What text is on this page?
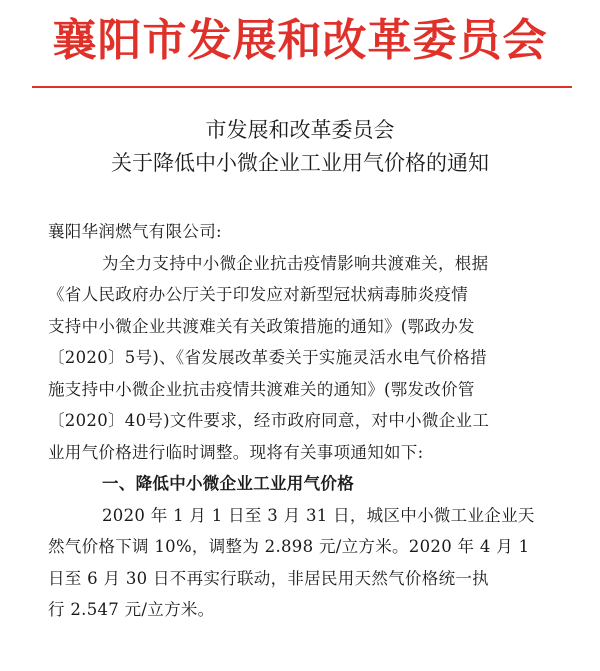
襄阳市发展和改革委员会
市发展和改革委员会
关于降低中小微企业工业用气价格的通知
襄阳华润燃气有限公司:
为全力支持中小微企业抗击疫情影响共渡难关，根据
《省人民政府办公厅关于印发应对新型冠状病毒肺炎疫情
支持中小微企业共渡难关有关政策措施的通知》(鄂政办发
〔2020〕5号)、《省发展改革委关于实施灵活水电气价格措
施支持中小微企业抗击疫情共渡难关的通知》(鄂发改价管
〔2020〕40号)文件要求，经市政府同意，对中小微企业工
业用气价格进行临时调整。现将有关事项通知如下:
一、降低中小微企业工业用气价格
2020 年 1 月 1 日至 3 月 31 日，城区中小微工业企业天
然气价格下调 10%，调整为 2.898 元/立方米。2020 年 4 月 1
日至 6 月 30 日不再实行联动，非居民用天然气价格统一执
行 2.547 元/立方米。
